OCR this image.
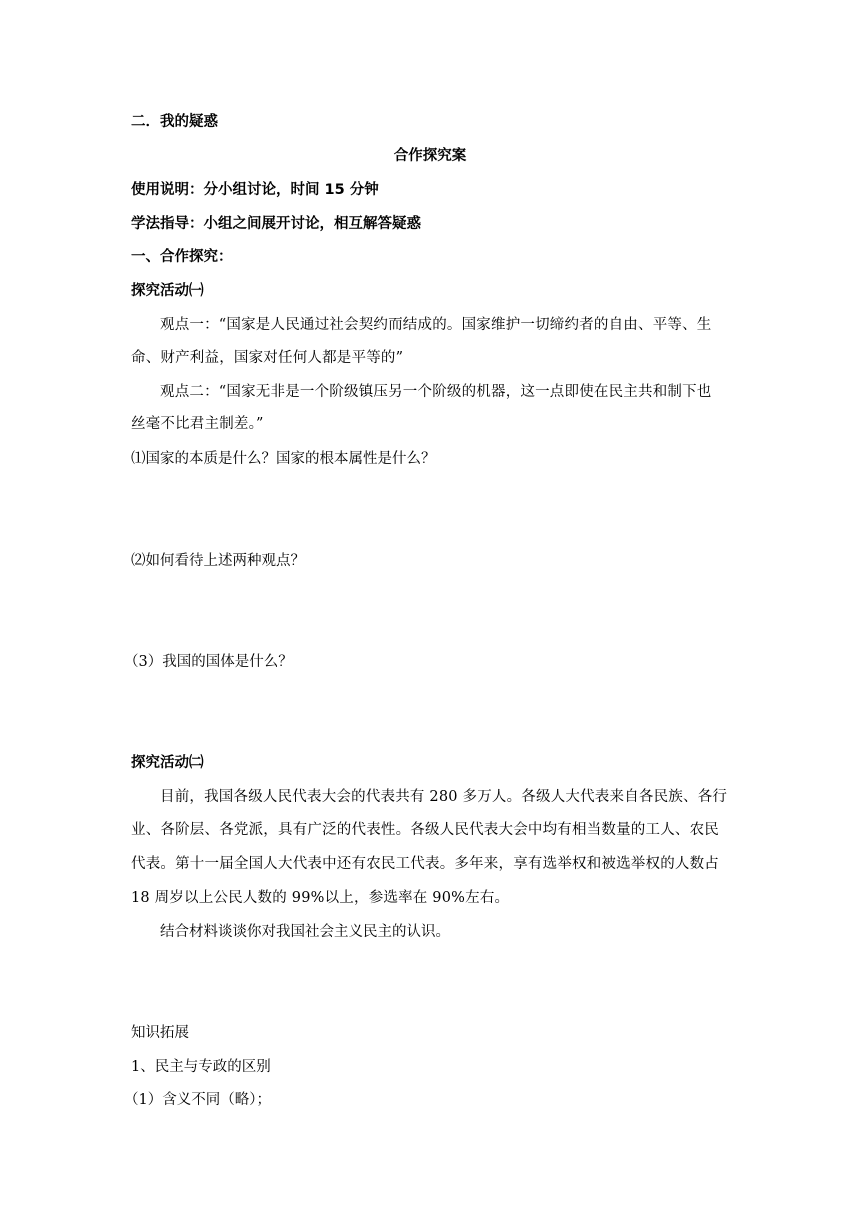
二．我的疑惑
合作探究案
使用说明：分小组讨论，时间 15 分钟
学法指导：小组之间展开讨论，相互解答疑惑
一、合作探究：
探究活动㈠
观点一：“国家是人民通过社会契约而结成的。国家维护一切缔约者的自由、平等、生
命、财产利益，国家对任何人都是平等的”
观点二：“国家无非是一个阶级镇压另一个阶级的机器，这一点即使在民主共和制下也
丝毫不比君主制差。”
⑴国家的本质是什么？国家的根本属性是什么？
⑵如何看待上述两种观点？
（3）我国的国体是什么？
探究活动㈡
目前，我国各级人民代表大会的代表共有 280 多万人。各级人大代表来自各民族、各行
业、各阶层、各党派，具有广泛的代表性。各级人民代表大会中均有相当数量的工人、农民
代表。第十一届全国人大代表中还有农民工代表。多年来，享有选举权和被选举权的人数占
18 周岁以上公民人数的 99%以上，参选率在 90%左右。
结合材料谈谈你对我国社会主义民主的认识。
知识拓展
1、民主与专政的区别
（1）含义不同（略）；
